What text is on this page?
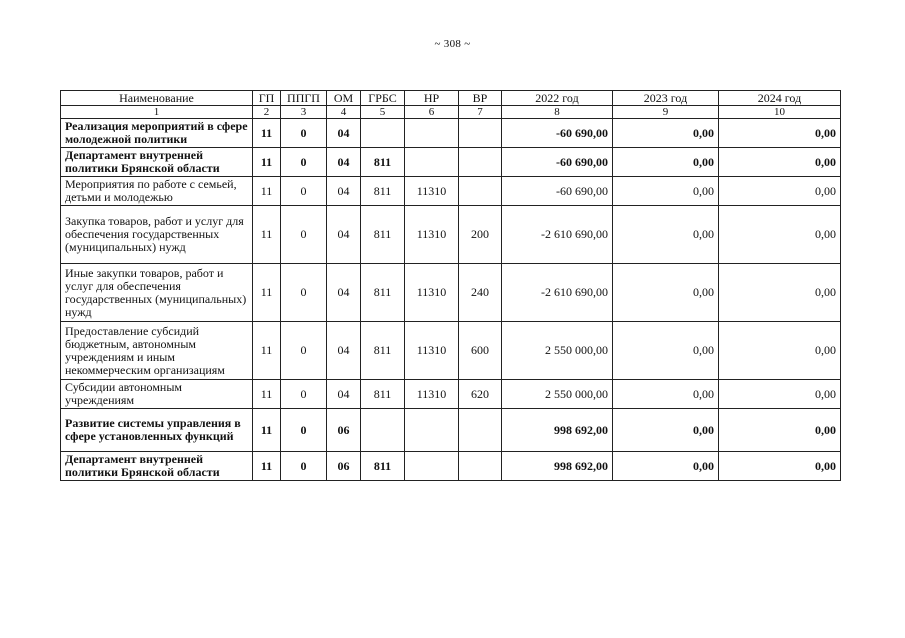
~ 308 ~
Наименование	ГП	ППГП	ОМ	ГРБС	НР	ВР	2022 год	2023 год	2024 год
1	2	3	4	5	6	7	8	9	10
Реализация мероприятий в сфере молодежной политики	11	0	04				-60 690,00	0,00	0,00
Департамент внутренней политики Брянской области	11	0	04	811			-60 690,00	0,00	0,00
Мероприятия по работе с семьей, детьми и молодежью	11	0	04	811	11310		-60 690,00	0,00	0,00
Закупка товаров, работ и услуг для обеспечения государственных (муниципальных) нужд	11	0	04	811	11310	200	-2 610 690,00	0,00	0,00
Иные закупки товаров, работ и услуг для обеспечения государственных (муниципальных) нужд	11	0	04	811	11310	240	-2 610 690,00	0,00	0,00
Предоставление субсидий бюджетным, автономным учреждениям и иным некоммерческим организациям	11	0	04	811	11310	600	2 550 000,00	0,00	0,00
Субсидии автономным учреждениям	11	0	04	811	11310	620	2 550 000,00	0,00	0,00
Развитие системы управления в сфере установленных функций	11	0	06				998 692,00	0,00	0,00
Департамент внутренней политики Брянской области	11	0	06	811			998 692,00	0,00	0,00
